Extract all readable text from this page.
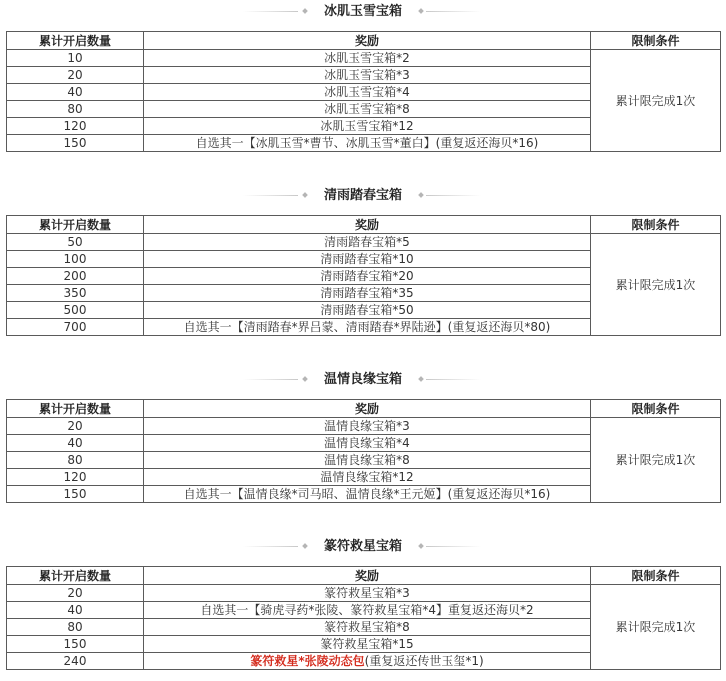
冰肌玉雪宝箱
累计开启数量	奖励	限制条件
10	冰肌玉雪宝箱*2	累计限完成1次
20	冰肌玉雪宝箱*3	
40	冰肌玉雪宝箱*4	
80	冰肌玉雪宝箱*8	
120	冰肌玉雪宝箱*12	
150	自选其一【冰肌玉雪*曹节、冰肌玉雪*董白】(重复返还海贝*16)	
清雨踏春宝箱
累计开启数量	奖励	限制条件
50	清雨踏春宝箱*5	累计限完成1次
100	清雨踏春宝箱*10	
200	清雨踏春宝箱*20	
350	清雨踏春宝箱*35	
500	清雨踏春宝箱*50	
700	自选其一【清雨踏春*界吕蒙、清雨踏春*界陆逊】(重复返还海贝*80)	
温情良缘宝箱
累计开启数量	奖励	限制条件
20	温情良缘宝箱*3	累计限完成1次
40	温情良缘宝箱*4	
80	温情良缘宝箱*8	
120	温情良缘宝箱*12	
150	自选其一【温情良缘*司马昭、温情良缘*王元姬】(重复返还海贝*16)	
篆符救星宝箱
累计开启数量	奖励	限制条件
20	篆符救星宝箱*3	累计限完成1次
40	自选其一【骑虎寻药*张陵、篆符救星宝箱*4】重复返还海贝*2	
80	篆符救星宝箱*8	
150	篆符救星宝箱*15	
240	篆符救星*张陵动态包(重复返还传世玉玺*1)	
